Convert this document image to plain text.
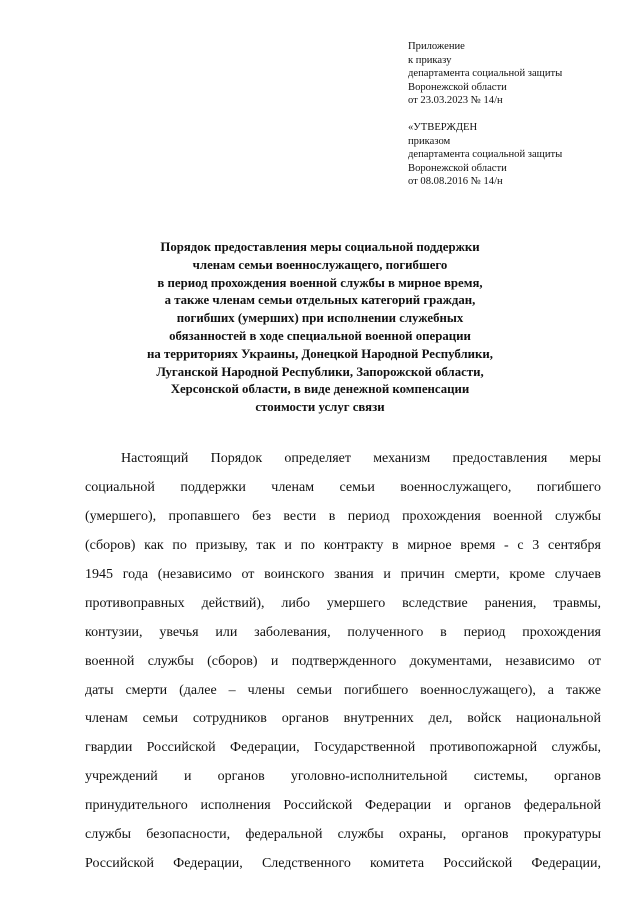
Приложение
к приказу
департамента социальной защиты
Воронежской области
от 23.03.2023 № 14/н
«УТВЕРЖДЕН
приказом
департамента социальной защиты
Воронежской области
от 08.08.2016 № 14/н
Порядок предоставления меры социальной поддержки
членам семьи военнослужащего, погибшего
в период прохождения военной службы в мирное время,
а также членам семьи отдельных категорий граждан,
погибших (умерших) при исполнении служебных
обязанностей в ходе специальной военной операции
на территориях Украины, Донецкой Народной Республики,
Луганской Народной Республики, Запорожской области,
Херсонской области, в виде денежной компенсации
стоимости услуг связи
Настоящий Порядок определяет механизм предоставления меры
социальной поддержки членам семьи военнослужащего, погибшего
(умершего), пропавшего без вести в период прохождения военной службы
(сборов) как по призыву, так и по контракту в мирное время - с 3 сентября
1945 года (независимо от воинского звания и причин смерти, кроме случаев
противоправных действий), либо умершего вследствие ранения, травмы,
контузии, увечья или заболевания, полученного в период прохождения
военной службы (сборов) и подтвержденного документами, независимо от
даты смерти (далее – члены семьи погибшего военнослужащего), а также
членам семьи сотрудников органов внутренних дел, войск национальной
гвардии Российской Федерации, Государственной противопожарной службы,
учреждений и органов уголовно-исполнительной системы, органов
принудительного исполнения Российской Федерации и органов федеральной
службы безопасности, федеральной службы охраны, органов прокуратуры
Российской Федерации, Следственного комитета Российской Федерации,
